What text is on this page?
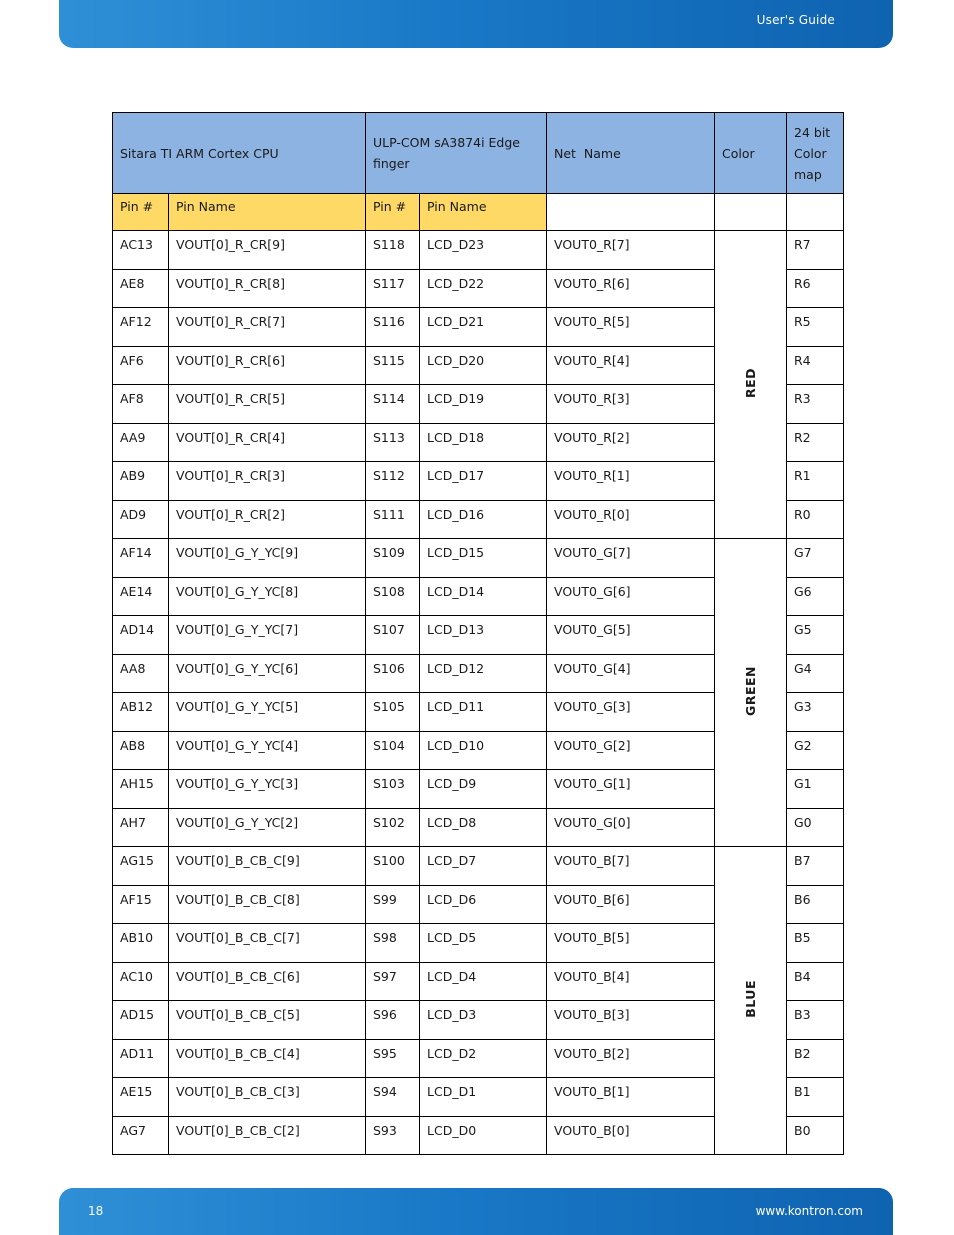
User's Guide
Sitara TI ARM Cortex CPU		ULP-COM sA3874i Edge finger		Net  Name	Color	24 bit Color map
Pin #	Pin Name	Pin #	Pin Name			
AC13	VOUT[0]_R_CR[9]	S118	LCD_D23	VOUT0_R[7]	RED	R7
AE8	VOUT[0]_R_CR[8]	S117	LCD_D22	VOUT0_R[6]		R6
AF12	VOUT[0]_R_CR[7]	S116	LCD_D21	VOUT0_R[5]		R5
AF6	VOUT[0]_R_CR[6]	S115	LCD_D20	VOUT0_R[4]		R4
AF8	VOUT[0]_R_CR[5]	S114	LCD_D19	VOUT0_R[3]		R3
AA9	VOUT[0]_R_CR[4]	S113	LCD_D18	VOUT0_R[2]		R2
AB9	VOUT[0]_R_CR[3]	S112	LCD_D17	VOUT0_R[1]		R1
AD9	VOUT[0]_R_CR[2]	S111	LCD_D16	VOUT0_R[0]		R0
AF14	VOUT[0]_G_Y_YC[9]	S109	LCD_D15	VOUT0_G[7]	GREEN	G7
AE14	VOUT[0]_G_Y_YC[8]	S108	LCD_D14	VOUT0_G[6]		G6
AD14	VOUT[0]_G_Y_YC[7]	S107	LCD_D13	VOUT0_G[5]		G5
AA8	VOUT[0]_G_Y_YC[6]	S106	LCD_D12	VOUT0_G[4]		G4
AB12	VOUT[0]_G_Y_YC[5]	S105	LCD_D11	VOUT0_G[3]		G3
AB8	VOUT[0]_G_Y_YC[4]	S104	LCD_D10	VOUT0_G[2]		G2
AH15	VOUT[0]_G_Y_YC[3]	S103	LCD_D9	VOUT0_G[1]		G1
AH7	VOUT[0]_G_Y_YC[2]	S102	LCD_D8	VOUT0_G[0]		G0
AG15	VOUT[0]_B_CB_C[9]	S100	LCD_D7	VOUT0_B[7]	BLUE	B7
AF15	VOUT[0]_B_CB_C[8]	S99	LCD_D6	VOUT0_B[6]		B6
AB10	VOUT[0]_B_CB_C[7]	S98	LCD_D5	VOUT0_B[5]		B5
AC10	VOUT[0]_B_CB_C[6]	S97	LCD_D4	VOUT0_B[4]		B4
AD15	VOUT[0]_B_CB_C[5]	S96	LCD_D3	VOUT0_B[3]		B3
AD11	VOUT[0]_B_CB_C[4]	S95	LCD_D2	VOUT0_B[2]		B2
AE15	VOUT[0]_B_CB_C[3]	S94	LCD_D1	VOUT0_B[1]		B1
AG7	VOUT[0]_B_CB_C[2]	S93	LCD_D0	VOUT0_B[0]		B0
18	www.kontron.com
